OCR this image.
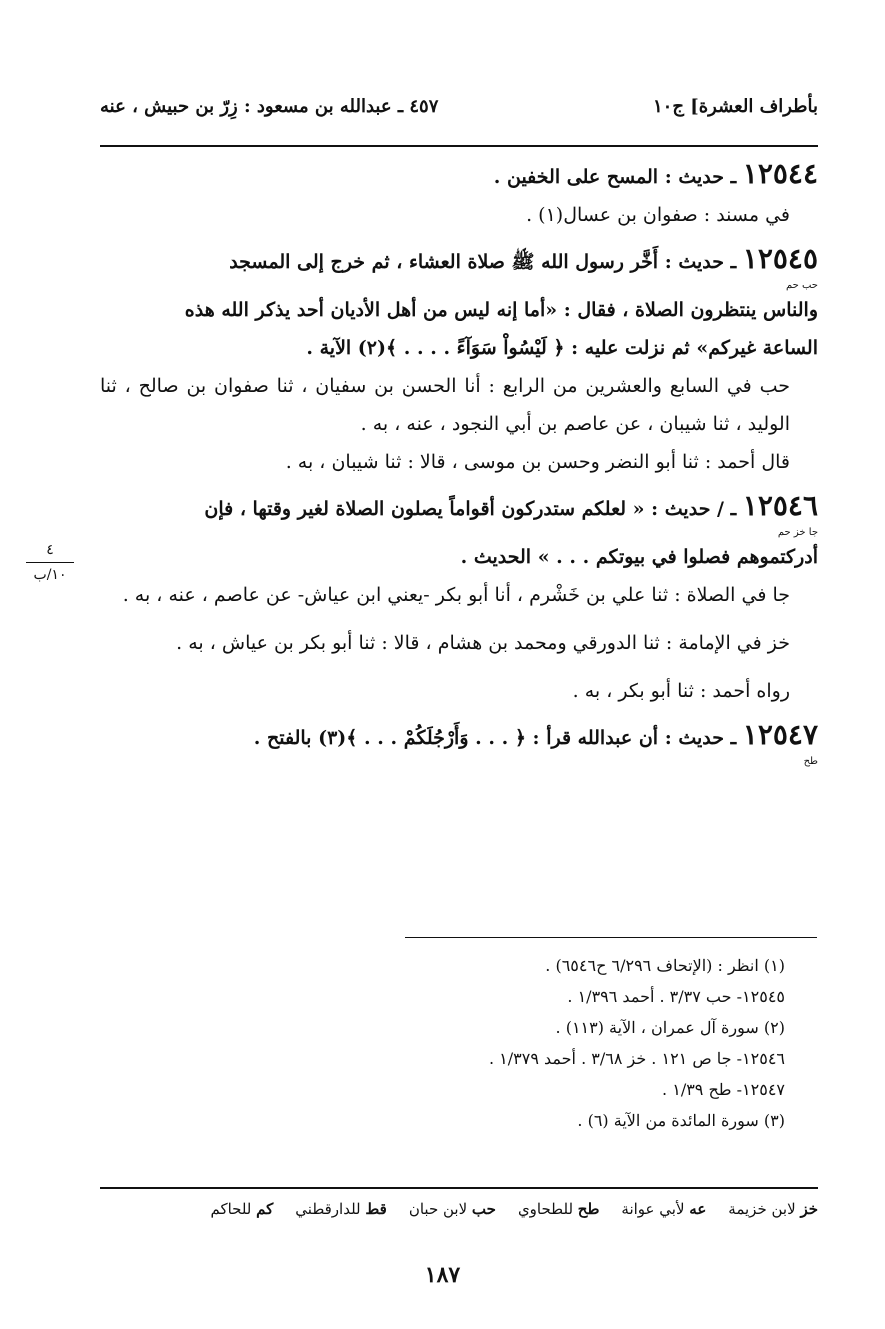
بأطراف العشرة] ج١٠
٤٥٧ ـ عبدالله بن مسعود : زِرّ بن حبيش ، عنه

١٢٥٤٤ ـ حديث : المسح على الخفين .

في مسند : صفوان بن عسال(١) .

١٢٥٤٥ ـ حديث : أَخَّر رسول الله ﷺ صلاة العشاء ، ثم خرج إلى المسجد

حب حم

والناس ينتظرون الصلاة ، فقال : «أما إنه ليس من أهل الأديان أحد يذكر الله هذه

الساعة غيركم» ثم نزلت عليه : ﴿ لَيْسُواْ سَوَآءً . . . . ﴾(٢) الآية .

حب في السابع والعشرين من الرابع : أنا الحسن بن سفيان ، ثنا صفوان بن صالح ، ثنا الوليد ، ثنا شيبان ، عن عاصم بن أبي النجود ، عنه ، به .

قال أحمد : ثنا أبو النضر وحسن بن موسى ، قالا : ثنا شيبان ، به .

١٢٥٤٦ ـ / حديث : « لعلكم ستدركون أقواماً يصلون الصلاة لغير وقتها ، فإن

جا خز حم

أدركتموهم فصلوا في بيوتكم . . . » الحديث .

جا في الصلاة : ثنا علي بن خَشْرم ، أنا أبو بكر -يعني ابن عياش- عن عاصم ، عنه ، به .

خز في الإمامة : ثنا الدورقي ومحمد بن هشام ، قالا : ثنا أبو بكر بن عياش ، به .

رواه أحمد : ثنا أبو بكر ، به .

١٢٥٤٧ ـ حديث : أن عبدالله قرأ : ﴿ . . . وَأَرْجُلَكُمْ . . . ﴾(٣) بالفتح .

طح
٤
١٠/ب
(١) انظر : (الإتحاف ٦/٢٩٦ ح٦٥٤٦) .
١٢٥٤٥- حب ٣/٣٧ . أحمد ١/٣٩٦ .
(٢) سورة آل عمران ، الآية (١١٣) .
١٢٥٤٦- جا ص ١٢١ . خز ٣/٦٨ . أحمد ١/٣٧٩ .
١٢٥٤٧- طح ١/٣٩ .
(٣) سورة المائدة من الآية (٦) .
خز لابن خزيمة
عه لأبي عوانة
طح للطحاوي
حب لابن حبان
قط للدارقطني
كم للحاكم
١٨٧
